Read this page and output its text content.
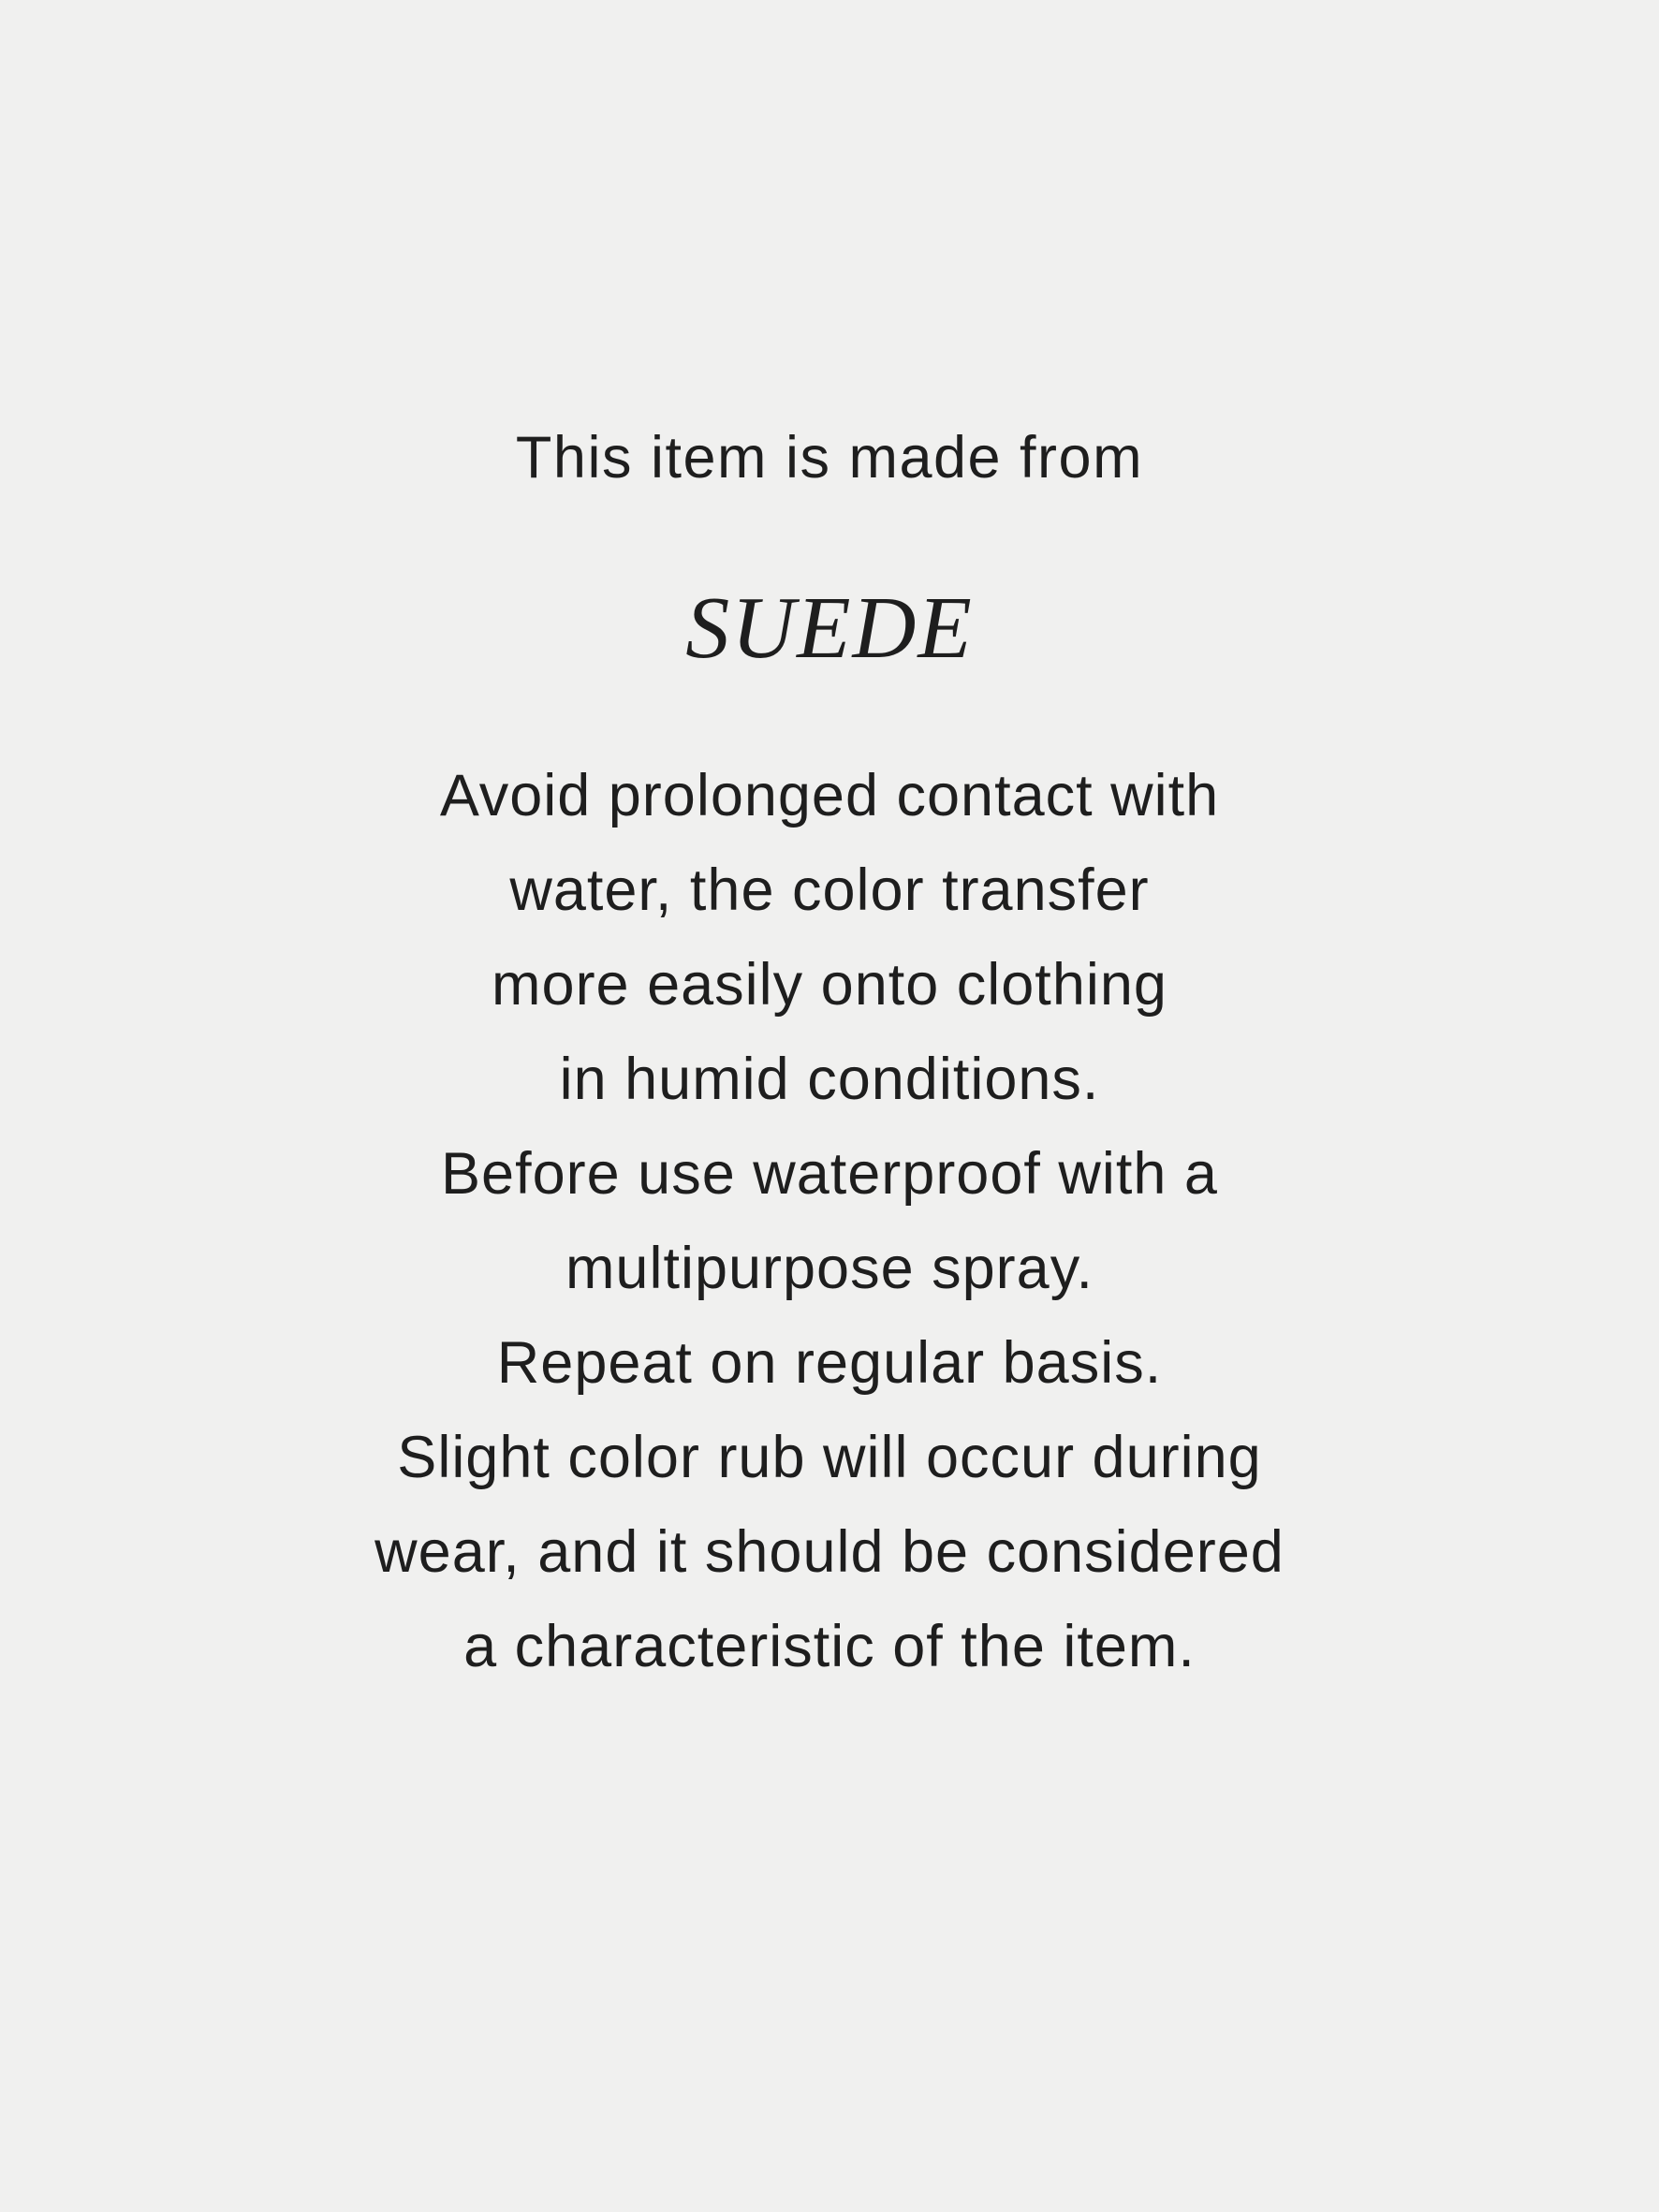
This item is made from

SUEDE
Avoid prolonged contact with
water, the color transfer
more easily onto clothing
in humid conditions.
Before use waterproof with a
multipurpose spray.
Repeat on regular basis.
Slight color rub will occur during
wear, and it should be considered
a characteristic of the item.
